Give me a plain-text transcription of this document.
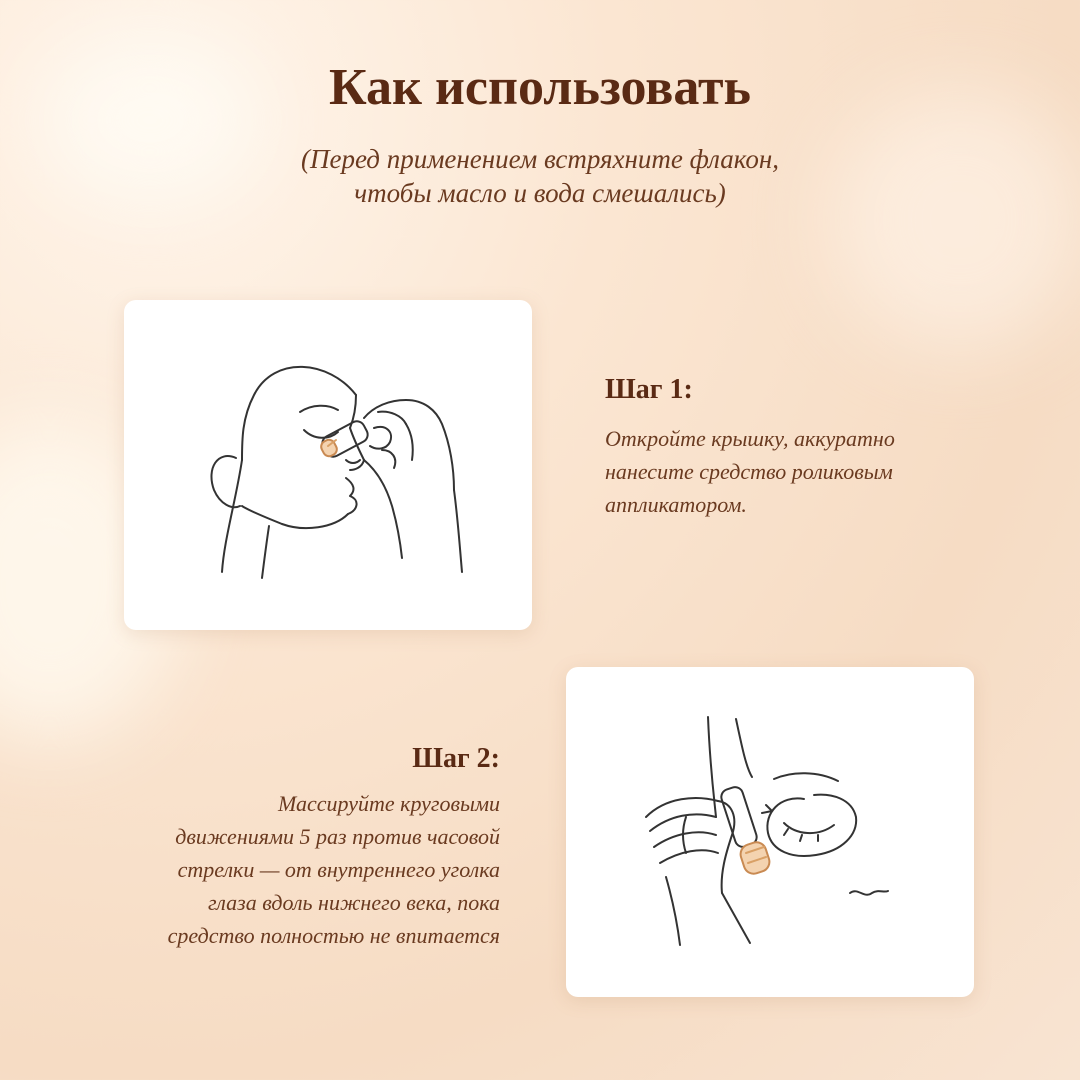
Как использовать

(Перед применением встряхните флакон,
чтобы масло и вода смешались)

Шаг 1:

Откройте крышку, аккуратно
нанесите средство роликовым
аппликатором.

Шаг 2:

Массируйте круговыми
движениями 5 раз против часовой
стрелки — от внутреннего уголка
глаза вдоль нижнего века, пока
средство полностью не впитается
